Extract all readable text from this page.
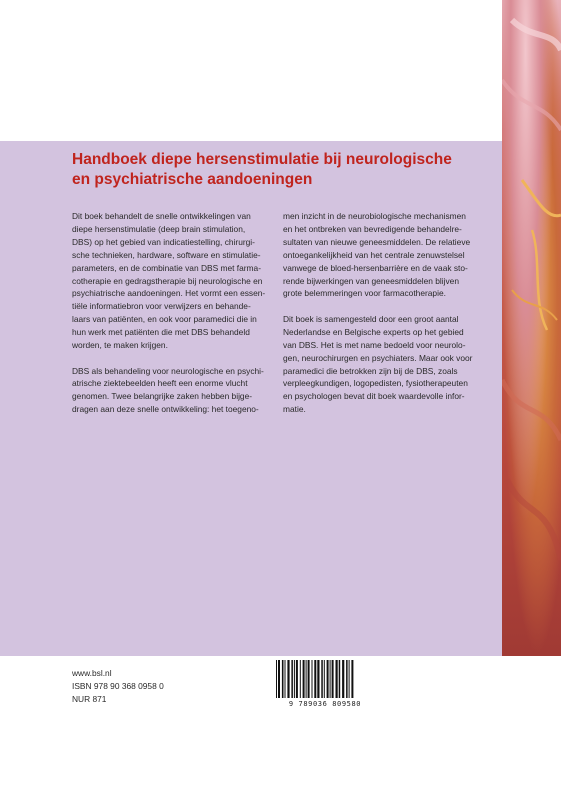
Handboek diepe hersenstimulatie bij neurologische
en psychiatrische aandoeningen
Dit boek behandelt de snelle ontwikkelingen van
diepe hersenstimulatie (deep brain stimulation,
DBS) op het gebied van indicatiestelling, chirurgi-
sche technieken, hardware, software en stimulatie-
parameters, en de combinatie van DBS met farma-
cotherapie en gedragstherapie bij neurologische en
psychiatrische aandoeningen. Het vormt een essen-
tiële informatiebron voor verwijzers en behande-
laars van patiënten, en ook voor paramedici die in
hun werk met patiënten die met DBS behandeld
worden, te maken krijgen.
DBS als behandeling voor neurologische en psychi-
atrische ziektebeelden heeft een enorme vlucht
genomen. Twee belangrijke zaken hebben bijge-
dragen aan deze snelle ontwikkeling: het toegeno-
men inzicht in de neurobiologische mechanismen
en het ontbreken van bevredigende behandelre-
sultaten van nieuwe geneesmiddelen. De relatieve
ontoegankelijkheid van het centrale zenuwstelsel
vanwege de bloed-hersenbarrière en de vaak sto-
rende bijwerkingen van geneesmiddelen blijven
grote belemmeringen voor farmacotherapie.
Dit boek is samengesteld door een groot aantal
Nederlandse en Belgische experts op het gebied
van DBS. Het is met name bedoeld voor neurolo-
gen, neurochirurgen en psychiaters. Maar ook voor
paramedici die betrokken zijn bij de DBS, zoals
verpleegkundigen, logopedisten, fysiotherapeuten
en psychologen bevat dit boek waardevolle infor-
matie.
www.bsl.nl
ISBN 978 90 368 0958 0
NUR 871
9 789036 809580
